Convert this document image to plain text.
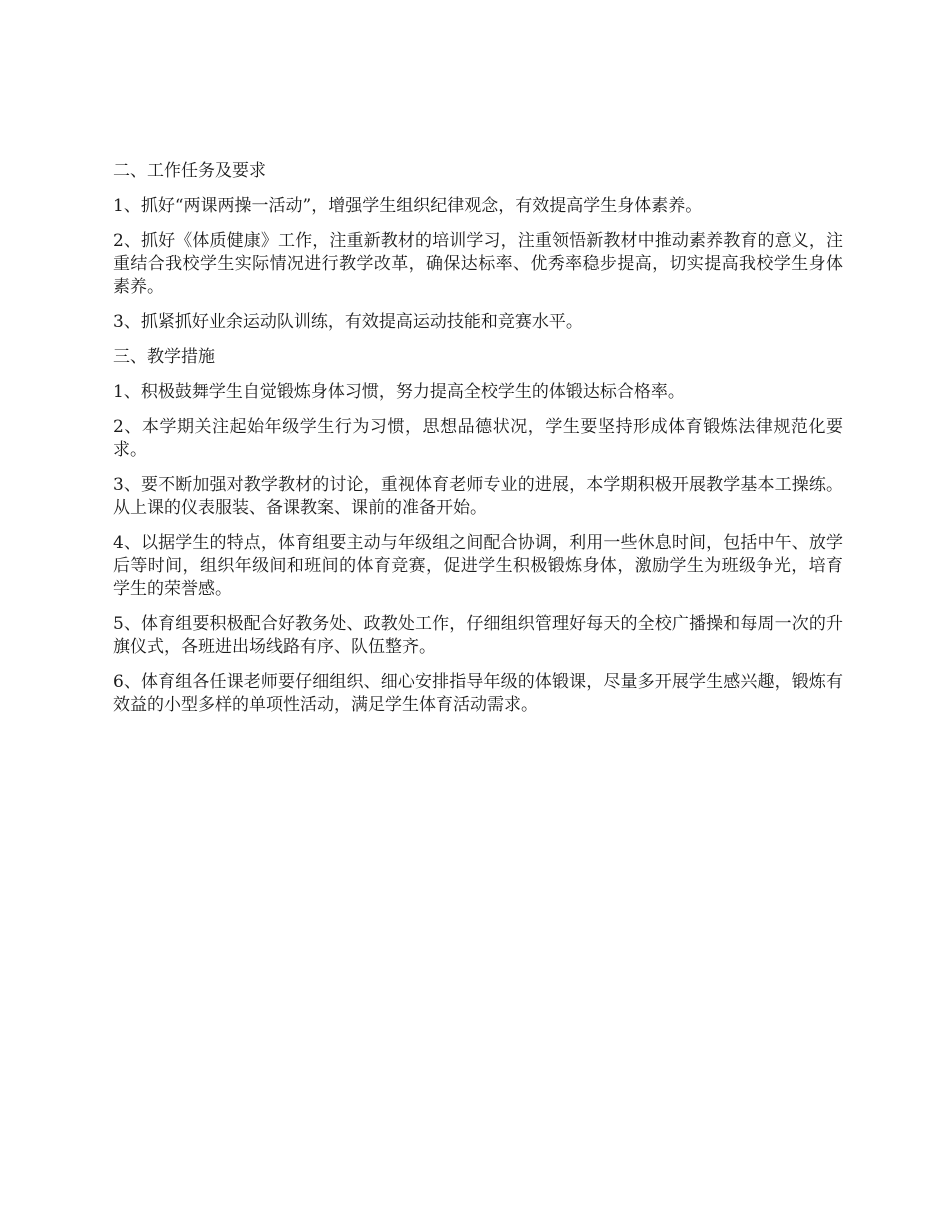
二、工作任务及要求

1、抓好“两课两操一活动”，增强学生组织纪律观念，有效提高学生身体素养。

2、抓好《体质健康》工作，注重新教材的培训学习，注重领悟新教材中推动素养教育的意义，注重结合我校学生实际情况进行教学改革，确保达标率、优秀率稳步提高，切实提高我校学生身体素养。

3、抓紧抓好业余运动队训练，有效提高运动技能和竞赛水平。

三、教学措施

1、积极鼓舞学生自觉锻炼身体习惯，努力提高全校学生的体锻达标合格率。

2、本学期关注起始年级学生行为习惯，思想品德状况，学生要坚持形成体育锻炼法律规范化要求。

3、要不断加强对教学教材的讨论，重视体育老师专业的进展，本学期积极开展教学基本工操练。从上课的仪表服装、备课教案、课前的准备开始。

4、以据学生的特点，体育组要主动与年级组之间配合协调，利用一些休息时间，包括中午、放学后等时间，组织年级间和班间的体育竞赛，促进学生积极锻炼身体，激励学生为班级争光，培育学生的荣誉感。

5、体育组要积极配合好教务处、政教处工作，仔细组织管理好每天的全校广播操和每周一次的升旗仪式，各班进出场线路有序、队伍整齐。

6、体育组各任课老师要仔细组织、细心安排指导年级的体锻课，尽量多开展学生感兴趣，锻炼有效益的小型多样的单项性活动，满足学生体育活动需求。
